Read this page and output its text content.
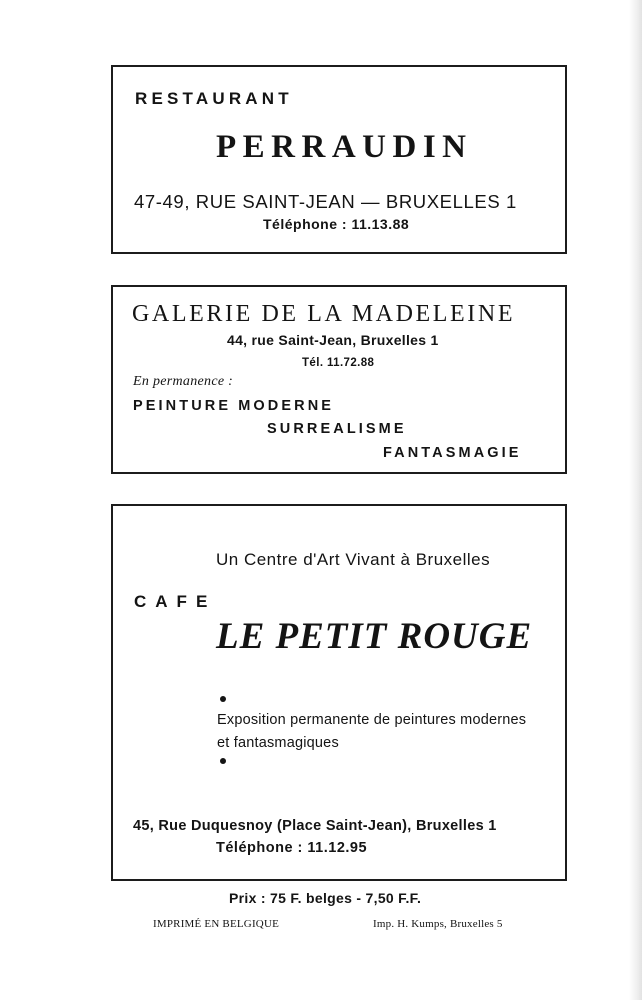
RESTAURANT

PERRAUDIN

47-49, RUE SAINT-JEAN — BRUXELLES 1

Téléphone : 11.13.88

GALERIE DE LA MADELEINE

44, rue Saint-Jean, Bruxelles 1

Tél. 11.72.88

En permanence :

PEINTURE MODERNE

SURREALISME

FANTASMAGIE

Un Centre d'Art Vivant à Bruxelles

CAFE

LE PETIT ROUGE

Exposition permanente de peintures modernes

et fantasmagiques

45, Rue Duquesnoy (Place Saint-Jean), Bruxelles 1

Téléphone : 11.12.95

Prix : 75 F. belges - 7,50 F.F.

IMPRIMÉ EN BELGIQUE	Imp. H. Kumps, Bruxelles 5
